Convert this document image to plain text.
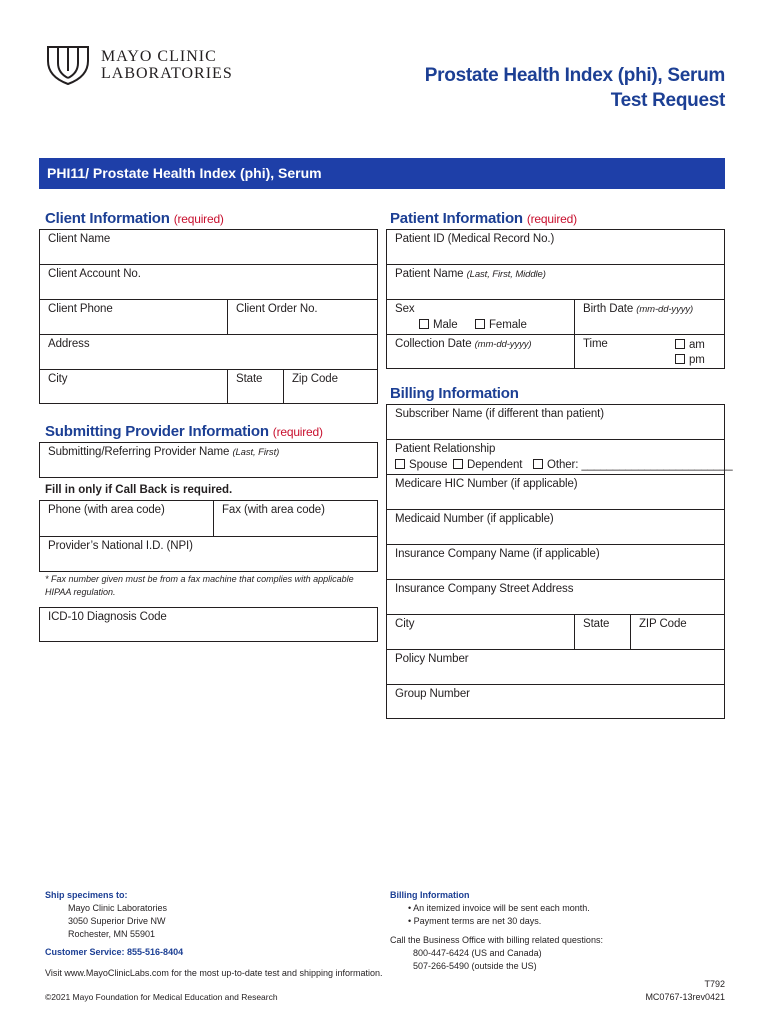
MAYO CLINIC
LABORATORIES	Prostate Health Index (phi), Serum
Test Request
PHI11/ Prostate Health Index (phi), Serum
Client Information (required)
Client Name
Client Account No.
Client Phone	Client Order No.
Address
City	State	Zip Code
Submitting Provider Information (required)
Submitting/Referring Provider Name (Last, First)
Fill in only if Call Back is required.
Phone (with area code)	Fax (with area code)
Provider’s National I.D. (NPI)
* Fax number given must be from a fax machine that complies with applicable
HIPAA regulation.
ICD-10 Diagnosis Code
Patient Information (required)
Patient ID (Medical Record No.)
Patient Name (Last, First, Middle)
Sex
Male	Female
Birth Date (mm-dd-yyyy)
Collection Date (mm-dd-yyyy)	Time	am
pm
Billing Information
Subscriber Name (if different than patient)
Patient Relationship
Spouse	Dependent	Other: ________________________
Medicare HIC Number (if applicable)
Medicaid Number (if applicable)
Insurance Company Name (if applicable)
Insurance Company Street Address
City	State	ZIP Code
Policy Number
Group Number
Ship specimens to:
Mayo Clinic Laboratories
3050 Superior Drive NW
Rochester, MN 55901
Customer Service: 855-516-8404
Visit www.MayoClinicLabs.com for the most up-to-date test and shipping information.
©2021 Mayo Foundation for Medical Education and Research
Billing Information
• An itemized invoice will be sent each month.
• Payment terms are net 30 days.
Call the Business Office with billing related questions:
800-447-6424 (US and Canada)
507-266-5490 (outside the US)
T792
MC0767-13rev0421
